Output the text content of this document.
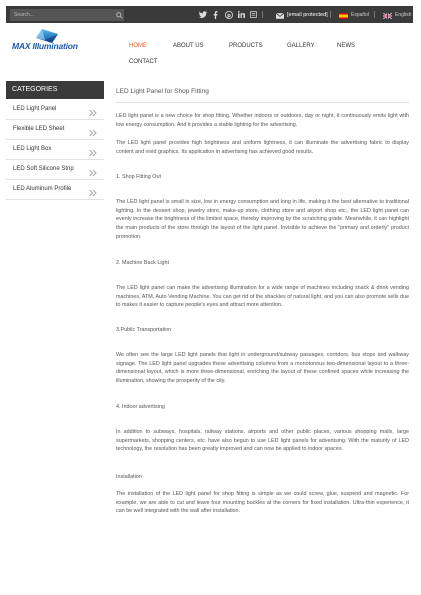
Search...
p	[email protected]	Español	English
MAX Illumination	HOME	ABOUT US	PRODUCTS	GALLERY	NEWS
CONTACT
CATEGORIES
LED Light Panel
Flexible LED Sheet
LED Light Box
LED Soft Silicone Strip
LED Aluminum Profile
LED Light Panel for Shop Fitting

LED light panel is a new choice for shop fitting. Whether indoors or outdoors, day or night, it continuously emits light with low energy consumption. And it provides a stable lighting for the advertising.

The LED light panel provides high brightness and uniform lightness, it can illuminate the advertising fabric to display content and vivid graphics. Its application in advertising has achieved good results.

1. Shop Fitting Out

The LED light panel is small in size, low in energy consumption and long in life, making it the best alternative to traditional lighting. In the dessert shop, jewelry store, make-up store, clothing store and airport shop etc., the LED light panel can evenly increase the brightness of the limited space, thereby improving by the scratching grade. Meanwhile, it can highlight the main products of the store through the layout of the light panel. Invisible to achieve the "primary and orderly" product promotion.

2. Machine Back Light

The LED light panel can make the advertising illumination for a wide range of machines including snack & drink vending machines, ATM, Auto Vending Machine. You can get rid of the shackles of natural light, and you can also promote sells due to makes it easier to capture people's eyes and attract more attention.

3.Public Transportation

We often see the large LED light panels that light in underground/subway passages, corridors, bus stops and walkway signage. The LED light panel upgrades these advertising columns from a monotonous two-dimensional layout to a three-dimensional layout, which is more three-dimensional, enriching the layout of these confined spaces while increasing the illumination, showing the prosperity of the city.

4. Indoor advertising

In addition to subways, hospitals, railway stations, airports and other public places, various shopping malls, large supermarkets, shopping centers, etc. have also begun to use LED light panels for advertising. With the maturity of LED technology, the resolution has been greatly improved and can now be applied to indoor spaces.

Installation

The installation of the LED light panel for shop fitting is simple as we could screw, glue, suspend and magnetic. For example, we are able to cut and leave four mounting buckles at the corners for fixed installation. Ultra-thin experience, it can be well integrated with the wall after installation.
